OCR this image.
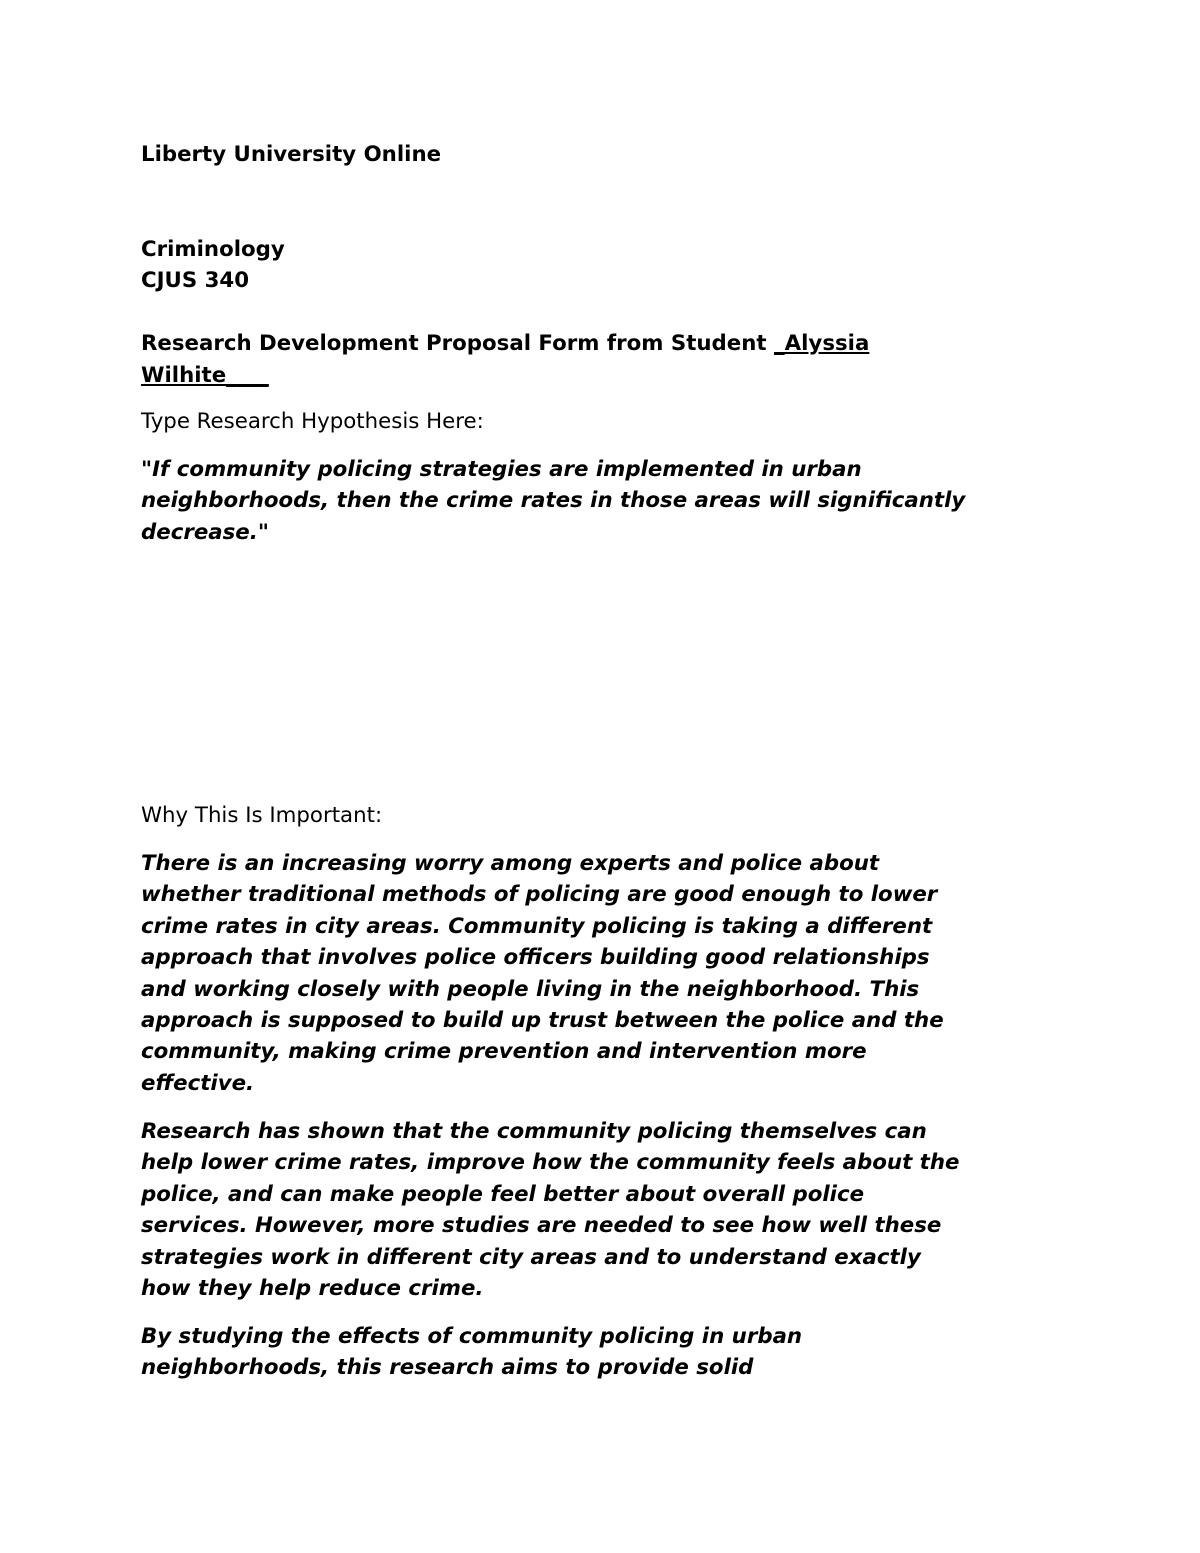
Liberty University Online

Criminology

CJUS 340

Research Development Proposal Form from Student _Alyssia

Wilhite____

Type Research Hypothesis Here:

"If community policing strategies are implemented in urban
neighborhoods, then the crime rates in those areas will significantly
decrease."

Why This Is Important:

There is an increasing worry among experts and police about
whether traditional methods of policing are good enough to lower
crime rates in city areas. Community policing is taking a different
approach that involves police officers building good relationships
and working closely with people living in the neighborhood. This
approach is supposed to build up trust between the police and the
community, making crime prevention and intervention more
effective.
Research has shown that the community policing themselves can
help lower crime rates, improve how the community feels about the
police, and can make people feel better about overall police
services. However, more studies are needed to see how well these
strategies work in different city areas and to understand exactly
how they help reduce crime.
By studying the effects of community policing in urban
neighborhoods, this research aims to provide solid
